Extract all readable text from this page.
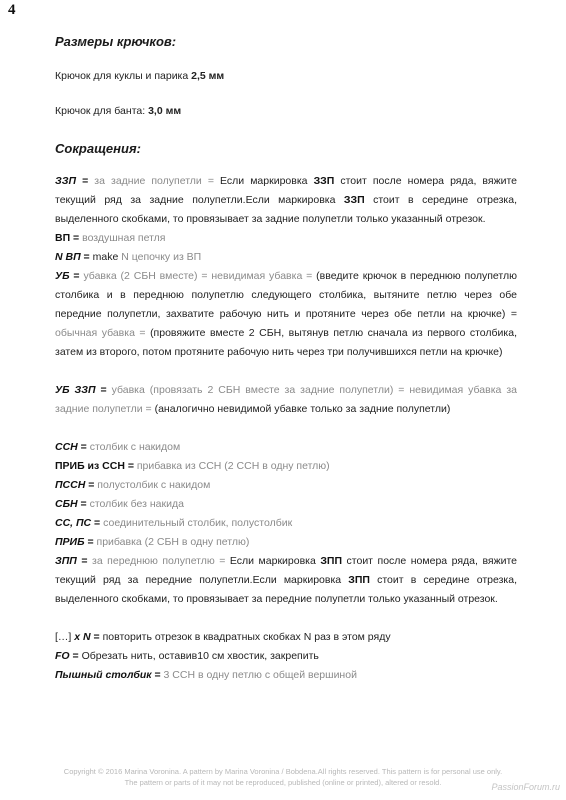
4
Размеры крючков:
Крючок для куклы и парика 2,5 мм
Крючок для банта: 3,0 мм
Сокращения:
ЗЗП = за задние полупетли = Если маркировка ЗЗП стоит после номера ряда, вяжите текущий ряд за задние полупетли.Если маркировка ЗЗП стоит в середине отрезка, выделенного скобками, то провязывает за задние полупетли только указанный отрезок.
ВП = воздушная петля
N ВП = make N цепочку из ВП
УБ = убавка (2 СБН вместе) = невидимая убавка = (введите крючок в переднюю полупетлю столбика и в переднюю полупетлю следующего столбика, вытяните петлю через обе передние полупетли, захватите рабочую нить и протяните через обе петли на крючке) = обычная убавка = (провяжите вместе 2 СБН, вытянув петлю сначала из первого столбика, затем из второго, потом протяните рабочую нить через три получившихся петли на крючке)
УБ ЗЗП = убавка (провязать 2 СБН вместе за задние полупетли) = невидимая убавка за задние полупетли = (аналогично невидимой убавке только за задние полупетли)
ССН = столбик с накидом
ПРИБ из ССН = прибавка из ССН (2 ССН в одну петлю)
ПССН = полустолбик с накидом
СБН = столбик без накида
СС, ПС = соединительный столбик, полустолбик
ПРИБ = прибавка (2 СБН в одну петлю)
ЗПП = за переднюю полупетлю = Если маркировка ЗПП стоит после номера ряда, вяжите текущий ряд за передние полупетли.Если маркировка ЗПП стоит в середине отрезка, выделенного скобками, то провязывает за передние полупетли только указанный отрезок.
[…] x N = повторить отрезок в квадратных скобках N раз в этом ряду
FO = Обрезать нить, оставив10 см хвостик, закрепить
Пышный столбик = 3 ССН в одну петлю с общей вершиной
Copyright © 2016 Marina Voronina. A pattern by Marina Voronina / Bobdena.All rights reserved. This pattern is for personal use only.
The pattern or parts of it may not be reproduced, published (online or printed), altered or resold.	PassionForum.ru
